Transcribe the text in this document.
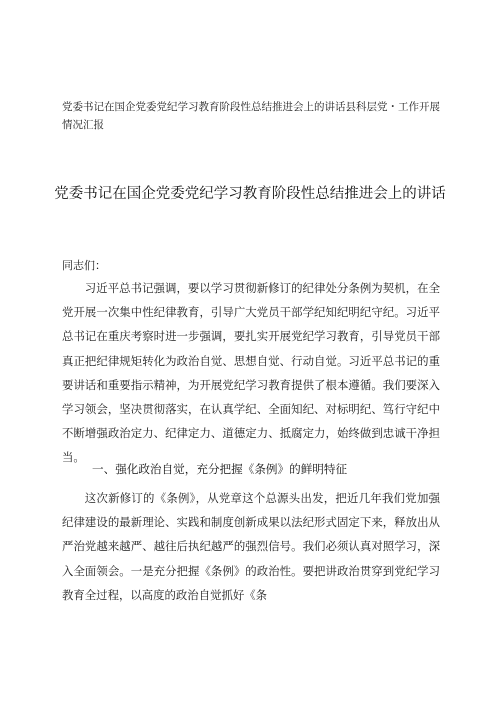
党委书记在国企党委党纪学习教育阶段性总结推进会上的讲话县科层党・工作开展情况汇报
党委书记在国企党委党纪学习教育阶段性总结推进会上的讲话
同志们：
习近平总书记强调，要以学习贯彻新修订的纪律处分条例为契机，在全党开展一次集中性纪律教育，引导广大党员干部学纪知纪明纪守纪。习近平总书记在重庆考察时进一步强调，要扎实开展党纪学习教育，引导党员干部真正把纪律规矩转化为政治自觉、思想自觉、行动自觉。习近平总书记的重要讲话和重要指示精神，为开展党纪学习教育提供了根本遵循。我们要深入学习领会，坚决贯彻落实，在认真学纪、全面知纪、对标明纪、笃行守纪中不断增强政治定力、纪律定力、道德定力、抵腐定力，始终做到忠诚干净担当。
一、强化政治自觉，充分把握《条例》的鲜明特征
这次新修订的《条例》，从党章这个总源头出发，把近几年我们党加强纪律建设的最新理论、实践和制度创新成果以法纪形式固定下来，释放出从严治党越来越严、越往后执纪越严的强烈信号。我们必须认真对照学习，深入全面领会。一是充分把握《条例》的政治性。要把讲政治贯穿到党纪学习教育全过程，以高度的政治自觉抓好《条
